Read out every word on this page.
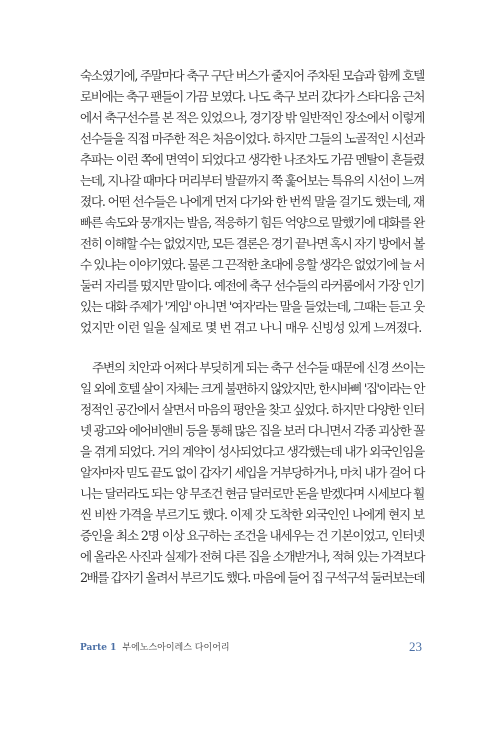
숙소였기에, 주말마다 축구 구단 버스가 줄지어 주차된 모습과 함께 호텔
로비에는 축구 팬들이 가끔 보였다. 나도 축구 보러 갔다가 스타디움 근처
에서 축구선수를 본 적은 있었으나, 경기장 밖 일반적인 장소에서 이렇게
선수들을 직접 마주한 적은 처음이었다. 하지만 그들의 노골적인 시선과
추파는 이런 쪽에 면역이 되었다고 생각한 나조차도 가끔 멘탈이 흔들렸
는데, 지나갈 때마다 머리부터 발끝까지 쭉 훑어보는 특유의 시선이 느껴
졌다. 어떤 선수들은 나에게 먼저 다가와 한 번씩 말을 걸기도 했는데, 재
빠른 속도와 뭉개지는 발음, 적응하기 힘든 억양으로 말했기에 대화를 완
전히 이해할 수는 없었지만, 모든 결론은 경기 끝나면 혹시 자기 방에서 볼
수 있냐는 이야기였다. 물론 그 끈적한 초대에 응할 생각은 없었기에 늘 서
둘러 자리를 떴지만 말이다. 예전에 축구 선수들의 라커룸에서 가장 인기
있는 대화 주제가 '게임' 아니면 '여자'라는 말을 들었는데, 그때는 듣고 웃
었지만 이런 일을 실제로 몇 번 겪고 나니 매우 신빙성 있게 느껴졌다.
주변의 치안과 어쩌다 부딪히게 되는 축구 선수들 때문에 신경 쓰이는
일 외에 호텔 살이 자체는 크게 불편하지 않았지만, 한시바삐 '집'이라는 안
정적인 공간에서 살면서 마음의 평안을 찾고 싶었다. 하지만 다양한 인터
넷 광고와 에어비앤비 등을 통해 많은 집을 보러 다니면서 각종 괴상한 꼴
을 겪게 되었다. 거의 계약이 성사되었다고 생각했는데 내가 외국인임을
알자마자 믿도 끝도 없이 갑자기 세입을 거부당하거나, 마치 내가 걸어 다
니는 달러라도 되는 양 무조건 현금 달러로만 돈을 받겠다며 시세보다 훨
씬 비싼 가격을 부르기도 했다. 이제 갓 도착한 외국인인 나에게 현지 보
증인을 최소 2명 이상 요구하는 조건을 내세우는 건 기본이었고, 인터넷
에 올라온 사진과 실제가 전혀 다른 집을 소개받거나, 적혀 있는 가격보다
2배를 갑자기 올려서 부르기도 했다. 마음에 들어 집 구석구석 둘러보는데
Parte 1 부에노스아이레스 다이어리	23
